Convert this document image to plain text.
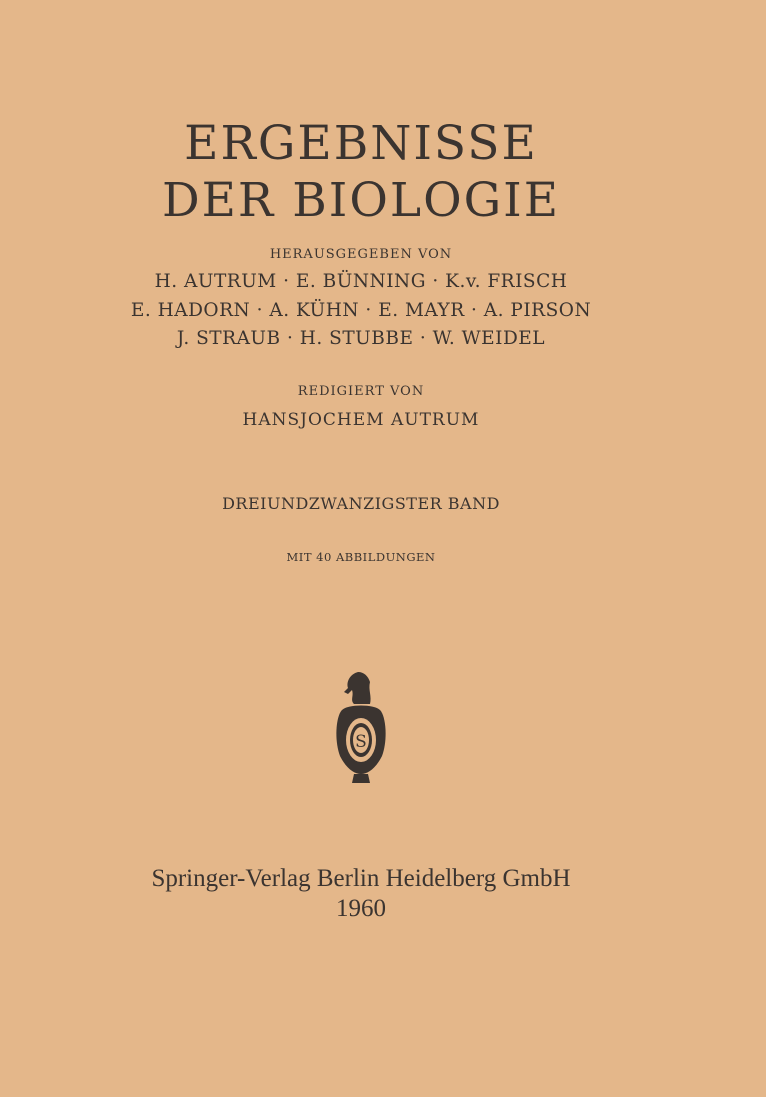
ERGEBNISSE
DER BIOLOGIE
HERAUSGEGEBEN VON
H. AUTRUM · E. BÜNNING · K.v. FRISCH
E. HADORN · A. KÜHN · E. MAYR · A. PIRSON
J. STRAUB · H. STUBBE · W. WEIDEL
REDIGIERT VON
HANSJOCHEM AUTRUM
DREIUNDZWANZIGSTER BAND
MIT 40 ABBILDUNGEN
S
Springer-Verlag Berlin Heidelberg GmbH
1960
